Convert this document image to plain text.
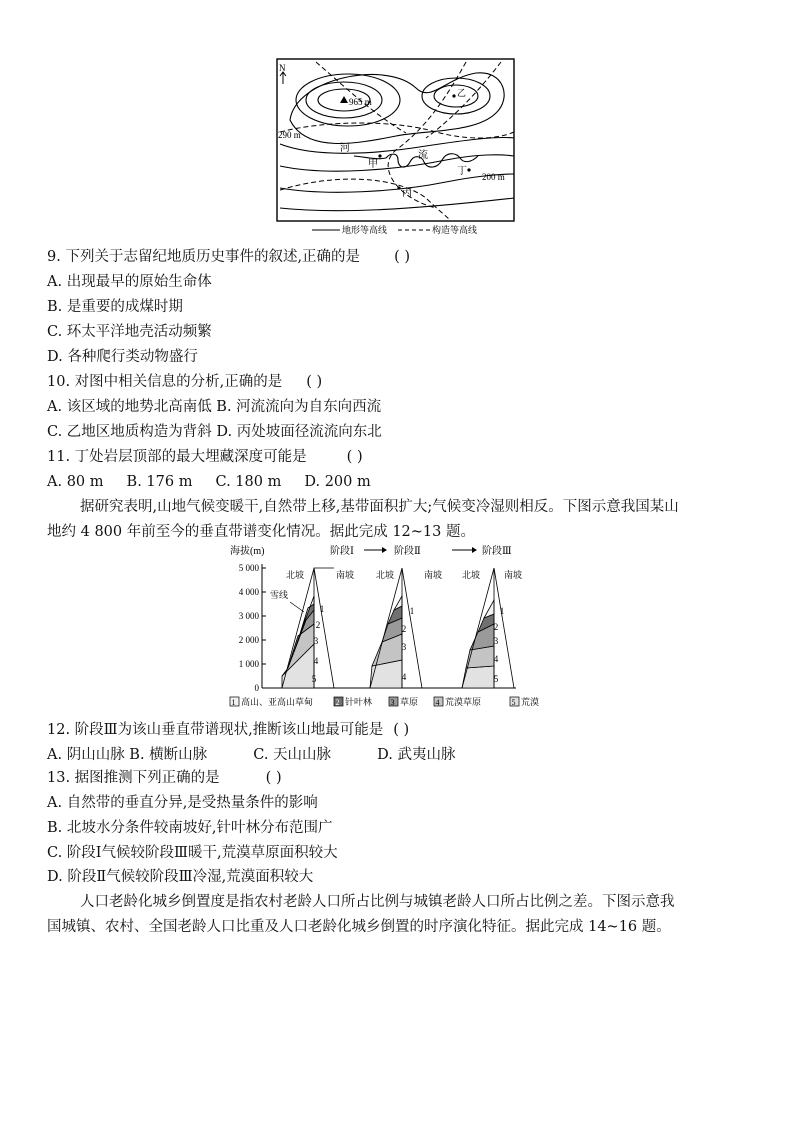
N
965 m
乙
河
流
甲
丁
丙
290 m
200 m
地形等高线	构造等高线
9. 下列关于志留纪地质历史事件的叙述,正确的是 ( )
A. 出现最早的原始生命体
B. 是重要的成煤时期
C. 环太平洋地壳活动频繁
D. 各种爬行类动物盛行
10. 对图中相关信息的分析,正确的是 ( )
A. 该区域的地势北高南低 B. 河流流向为自东向西流
C. 乙地区地质构造为背斜 D. 丙处坡面径流流向东北
11. 丁处岩层顶部的最大埋藏深度可能是	( )
A. 80 m     B. 176 m     C. 180 m     D. 200 m
据研究表明,山地气候变暖干,自然带上移,基带面积扩大;气候变冷湿则相反。下图示意我国某山
地约 4 800 年前至今的垂直带谱变化情况。据此完成 12~13 题。
海拔(m)	阶段Ⅰ	阶段Ⅱ	阶段Ⅲ
5 000
4 000
3 000
2 000
1 000
0
北坡	南坡
雪线
北坡	南坡 北坡	南坡
1
2
3
4
5
1
2
3
4
1
2
3
4
5
1 高山、亚高山草甸	2 针叶林 3 草原 4 荒漠草原	5 荒漠
12. 阶段Ⅲ为该山垂直带谱现状,推断该山地最可能是 ( )
A. 阴山山脉 B. 横断山脉          C. 天山山脉          D. 武夷山脉
13. 据图推测下列正确的是	( )
A. 自然带的垂直分异,是受热量条件的影响
B. 北坡水分条件较南坡好,针叶林分布范围广
C. 阶段Ⅰ气候较阶段Ⅲ暖干,荒漠草原面积较大
D. 阶段Ⅱ气候较阶段Ⅲ冷湿,荒漠面积较大
人口老龄化城乡倒置度是指农村老龄人口所占比例与城镇老龄人口所占比例之差。下图示意我
国城镇、农村、全国老龄人口比重及人口老龄化城乡倒置的时序演化特征。据此完成 14~16 题。
